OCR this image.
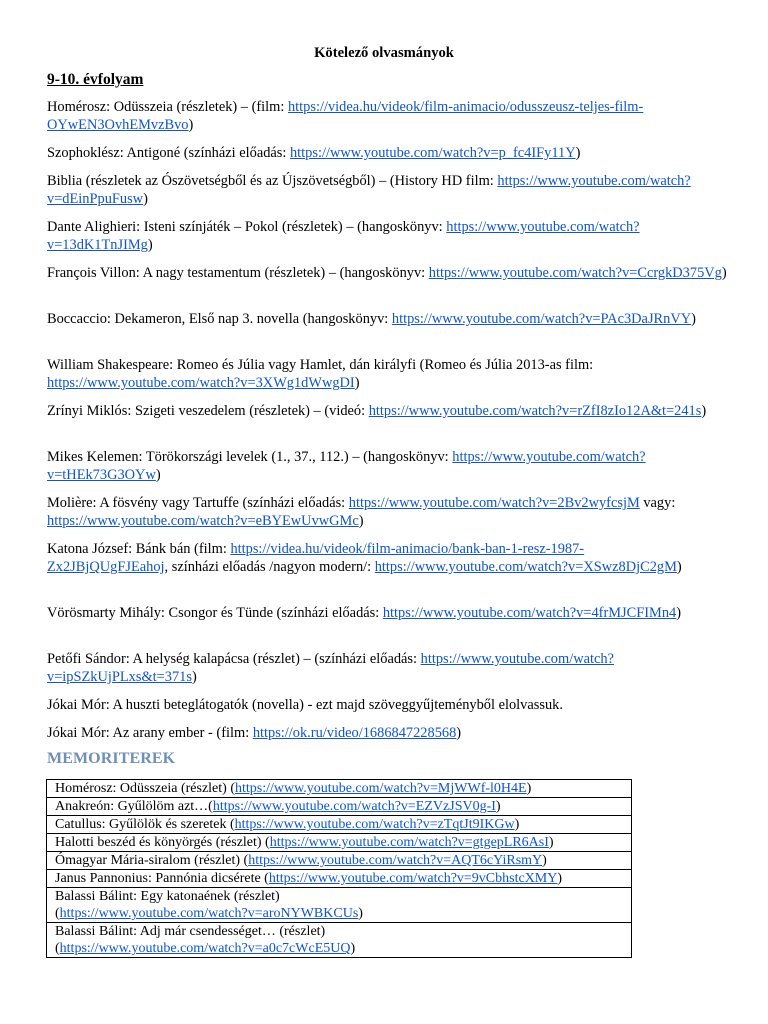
Kötelező olvasmányok
9-10. évfolyam
Homérosz: Odüsszeia (részletek) – (film: https://videa.hu/videok/film-animacio/odusszeusz-teljes-film-
OYwEN3OvhEMvzBvo)
Szophoklész: Antigoné (színházi előadás: https://www.youtube.com/watch?v=p_fc4IFy11Y)
Biblia (részletek az Ószövetségből és az Újszövetségből) – (History HD film: https://www.youtube.com/watch?v=dEinPpuFusw)
Dante Alighieri: Isteni színjáték – Pokol (részletek) – (hangoskönyv: https://www.youtube.com/watch?v=13dK1TnJIMg)
François Villon: A nagy testamentum (részletek) – (hangoskönyv: https://www.youtube.com/watch?v=CcrgkD375Vg)
Boccaccio: Dekameron, Első nap 3. novella (hangoskönyv: https://www.youtube.com/watch?v=PAc3DaJRnVY)
William Shakespeare: Romeo és Júlia vagy Hamlet, dán királyfi (Romeo és Júlia 2013-as film: https://www.youtube.com/watch?v=3XWg1dWwgDI)
Zrínyi Miklós: Szigeti veszedelem (részletek) – (videó: https://www.youtube.com/watch?v=rZfI8zIo12A&t=241s)
Mikes Kelemen: Törökországi levelek (1., 37., 112.) – (hangoskönyv: https://www.youtube.com/watch?v=tHEk73G3OYw)
Molière: A fösvény vagy Tartuffe (színházi előadás: https://www.youtube.com/watch?v=2Bv2wyfcsjM vagy: https://www.youtube.com/watch?v=eBYEwUvwGMc)
Katona József: Bánk bán (film: https://videa.hu/videok/film-animacio/bank-ban-1-resz-1987-
Zx2JBjQUgFJEahoj, színházi előadás /nagyon modern/: https://www.youtube.com/watch?v=XSwz8DjC2gM)
Vörösmarty Mihály: Csongor és Tünde (színházi előadás: https://www.youtube.com/watch?v=4frMJCFIMn4)
Petőfi Sándor: A helység kalapácsa (részlet) – (színházi előadás: https://www.youtube.com/watch?v=ipSZkUjPLxs&t=371s)
Jókai Mór: A huszti beteglátogatók (novella) - ezt majd szöveggyűjteményből elolvassuk.
Jókai Mór: Az arany ember - (film: https://ok.ru/video/1686847228568)
MEMORITEREK
Homérosz: Odüsszeia (részlet) (https://www.youtube.com/watch?v=MjWWf-l0H4E)
Anakreón: Gyűlölöm azt…(https://www.youtube.com/watch?v=EZVzJSV0g-I)
Catullus: Gyűlölök és szeretek (https://www.youtube.com/watch?v=zTqtJt9IKGw)
Halotti beszéd és könyörgés (részlet) (https://www.youtube.com/watch?v=gtgepLR6AsI)
Ómagyar Mária-siralom (részlet) (https://www.youtube.com/watch?v=AQT6cYiRsmY)
Janus Pannonius: Pannónia dicsérete (https://www.youtube.com/watch?v=9vCbhstcXMY)
Balassi Bálint: Egy katonaének (részlet)
(https://www.youtube.com/watch?v=aroNYWBKCUs)
Balassi Bálint: Adj már csendességet… (részlet)
(https://www.youtube.com/watch?v=a0c7cWcE5UQ)
